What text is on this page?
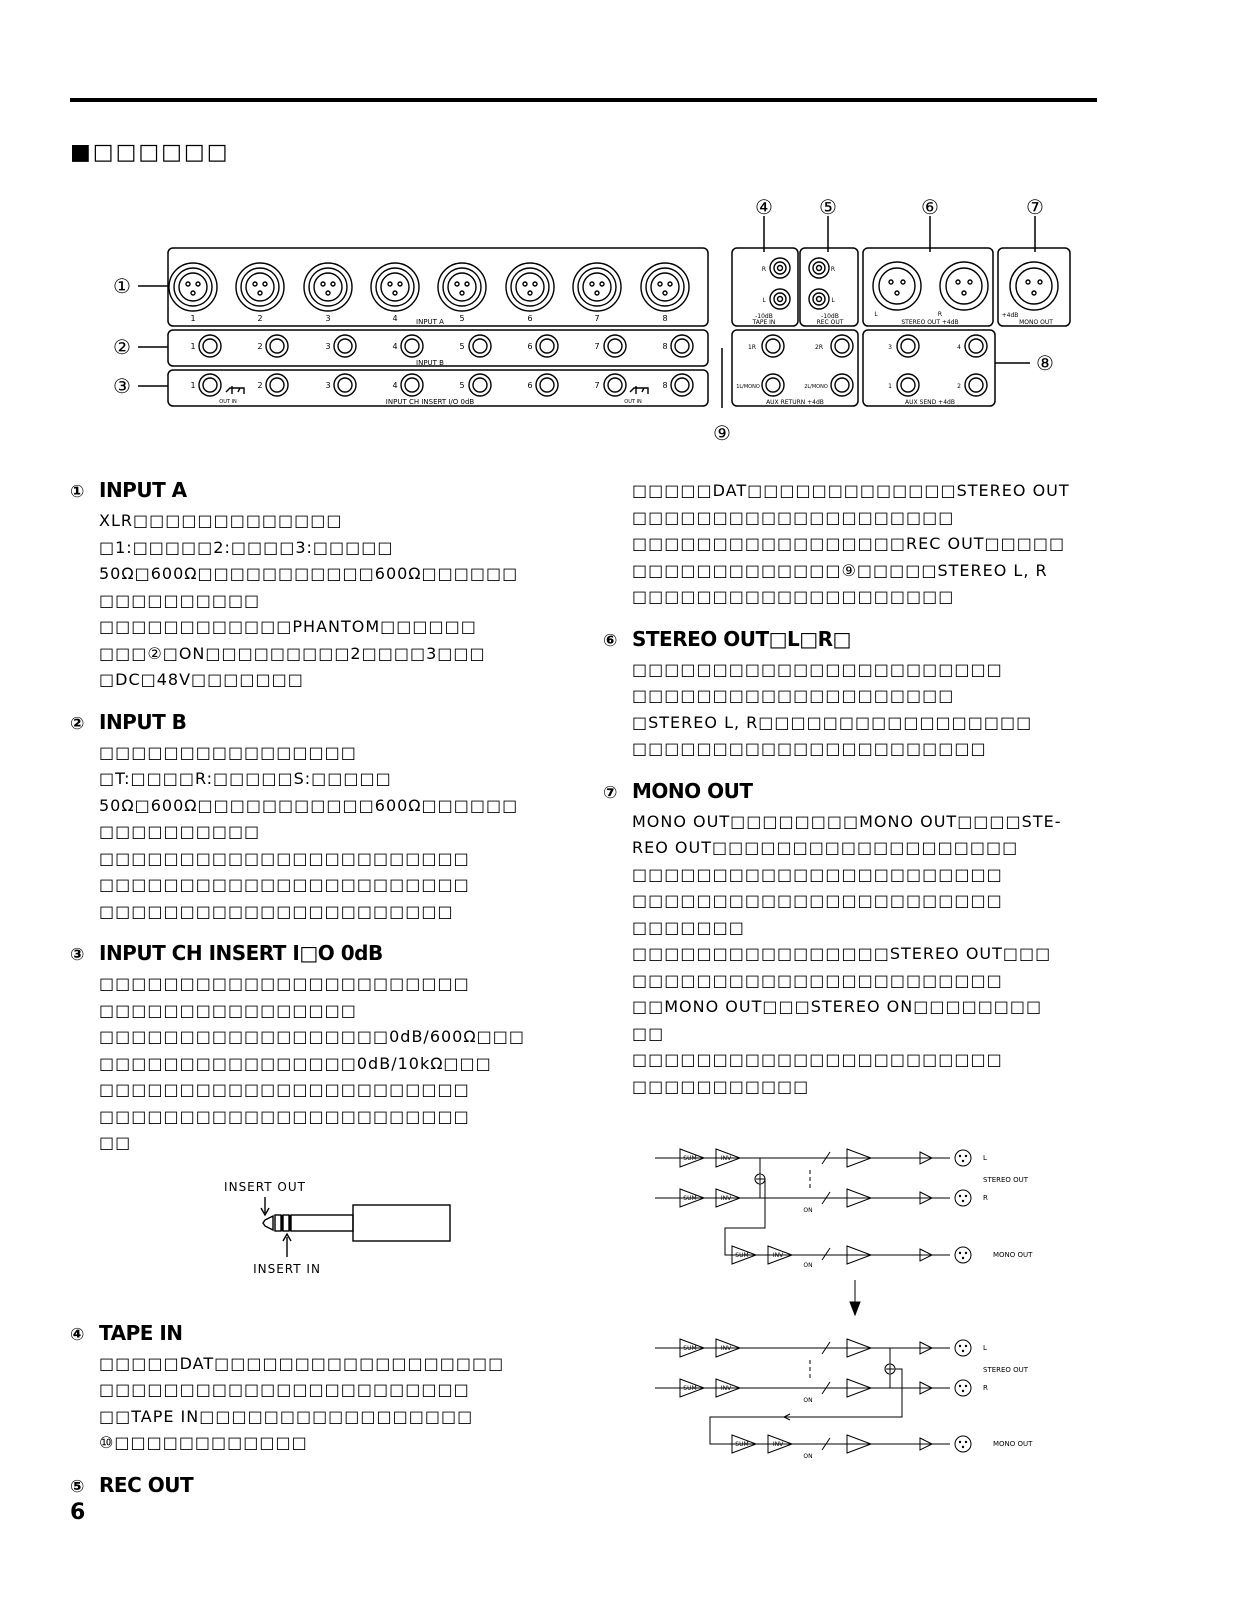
■□□□□□□
1	2	3	4	5	6	7	8
INPUT A
INPUT B
INPUT CH INSERT I/O 0dB
1	2	3	4	5	6	7	8
1	2	3	4	5	6	7	8
OUT IN	OUT IN
R
L
R
L
-10dB	-10dB
TAPE IN	REC OUT
L	R
STEREO OUT +4dB
+4dB
MONO OUT
1R	2R
1L/MONO	2L/MONO
AUX RETURN +4dB
3	4
1	2
AUX SEND +4dB
①
②
③
④ ⑤	⑥	⑦
⑧
⑨
① INPUT A

XLR□□□□□□□□□□□□□

□1:□□□□□2:□□□□3:□□□□□

50Ω□600Ω□□□□□□□□□□□600Ω□□□□□□

□□□□□□□□□□

□□□□□□□□□□□□PHANTOM□□□□□□

□□□②□ON□□□□□□□□□2□□□□3□□□

□DC□48V□□□□□□□

② INPUT B

□□□□□□□□□□□□□□□□

□T:□□□□R:□□□□□S:□□□□□

50Ω□600Ω□□□□□□□□□□□600Ω□□□□□□

□□□□□□□□□□

□□□□□□□□□□□□□□□□□□□□□□□

□□□□□□□□□□□□□□□□□□□□□□□

□□□□□□□□□□□□□□□□□□□□□□

③ INPUT CH INSERT I□O 0dB

□□□□□□□□□□□□□□□□□□□□□□□

□□□□□□□□□□□□□□□□

□□□□□□□□□□□□□□□□□□0dB/600Ω□□□

□□□□□□□□□□□□□□□□0dB/10kΩ□□□

□□□□□□□□□□□□□□□□□□□□□□□

□□□□□□□□□□□□□□□□□□□□□□□

□□

④ TAPE IN

□□□□□DAT□□□□□□□□□□□□□□□□□□

□□□□□□□□□□□□□□□□□□□□□□□

□□TAPE IN□□□□□□□□□□□□□□□□□

⑩□□□□□□□□□□□□

⑤ REC OUT
INSERT OUT
INSERT IN

□□□□□DAT□□□□□□□□□□□□□STEREO OUT

□□□□□□□□□□□□□□□□□□□□

□□□□□□□□□□□□□□□□□REC OUT□□□□□

□□□□□□□□□□□□□⑨□□□□□STEREO L, R

□□□□□□□□□□□□□□□□□□□□

⑥ STEREO OUT□L□R□

□□□□□□□□□□□□□□□□□□□□□□□

□□□□□□□□□□□□□□□□□□□□

□STEREO L, R□□□□□□□□□□□□□□□□□

□□□□□□□□□□□□□□□□□□□□□□

⑦ MONO OUT

MONO OUT□□□□□□□□MONO OUT□□□□STE-

REO OUT□□□□□□□□□□□□□□□□□□□

□□□□□□□□□□□□□□□□□□□□□□□

□□□□□□□□□□□□□□□□□□□□□□□

□□□□□□□

□□□□□□□□□□□□□□□□STEREO OUT□□□

□□□□□□□□□□□□□□□□□□□□□□□

□□MONO OUT□□□STEREO ON□□□□□□□□

□□

□□□□□□□□□□□□□□□□□□□□□□□

□□□□□□□□□□□

SUM	INV
SUM	INV
SUM	INV
ON
ON
SUM	INV
SUM	INV
SUM	INV
ON
ON
L
R
STEREO OUT
MONO OUT
L
R
STEREO OUT
MONO OUT
6
